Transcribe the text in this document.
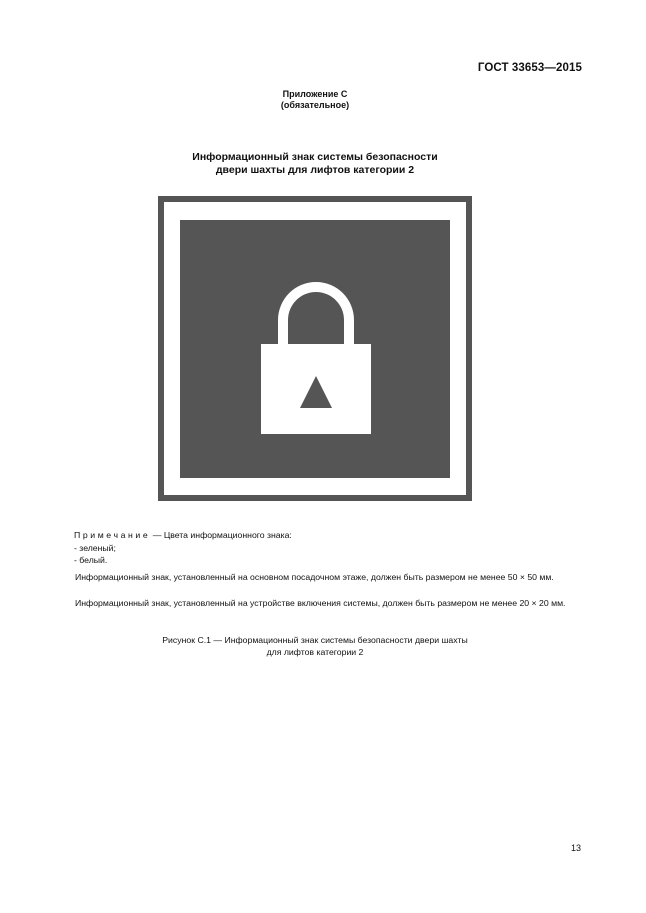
ГОСТ 33653—2015
Приложение С
(обязательное)
Информационный знак системы безопасности
двери шахты для лифтов категории 2
Примечание — Цвета информационного знака:
- зеленый;
- белый.
Информационный знак, установленный на основном посадочном этаже, должен быть размером не менее 50 × 50 мм.
Информационный знак, установленный на устройстве включения системы, должен быть размером не менее 20 × 20 мм.
Рисунок С.1 — Информационный знак системы безопасности двери шахты
для лифтов категории 2
13
